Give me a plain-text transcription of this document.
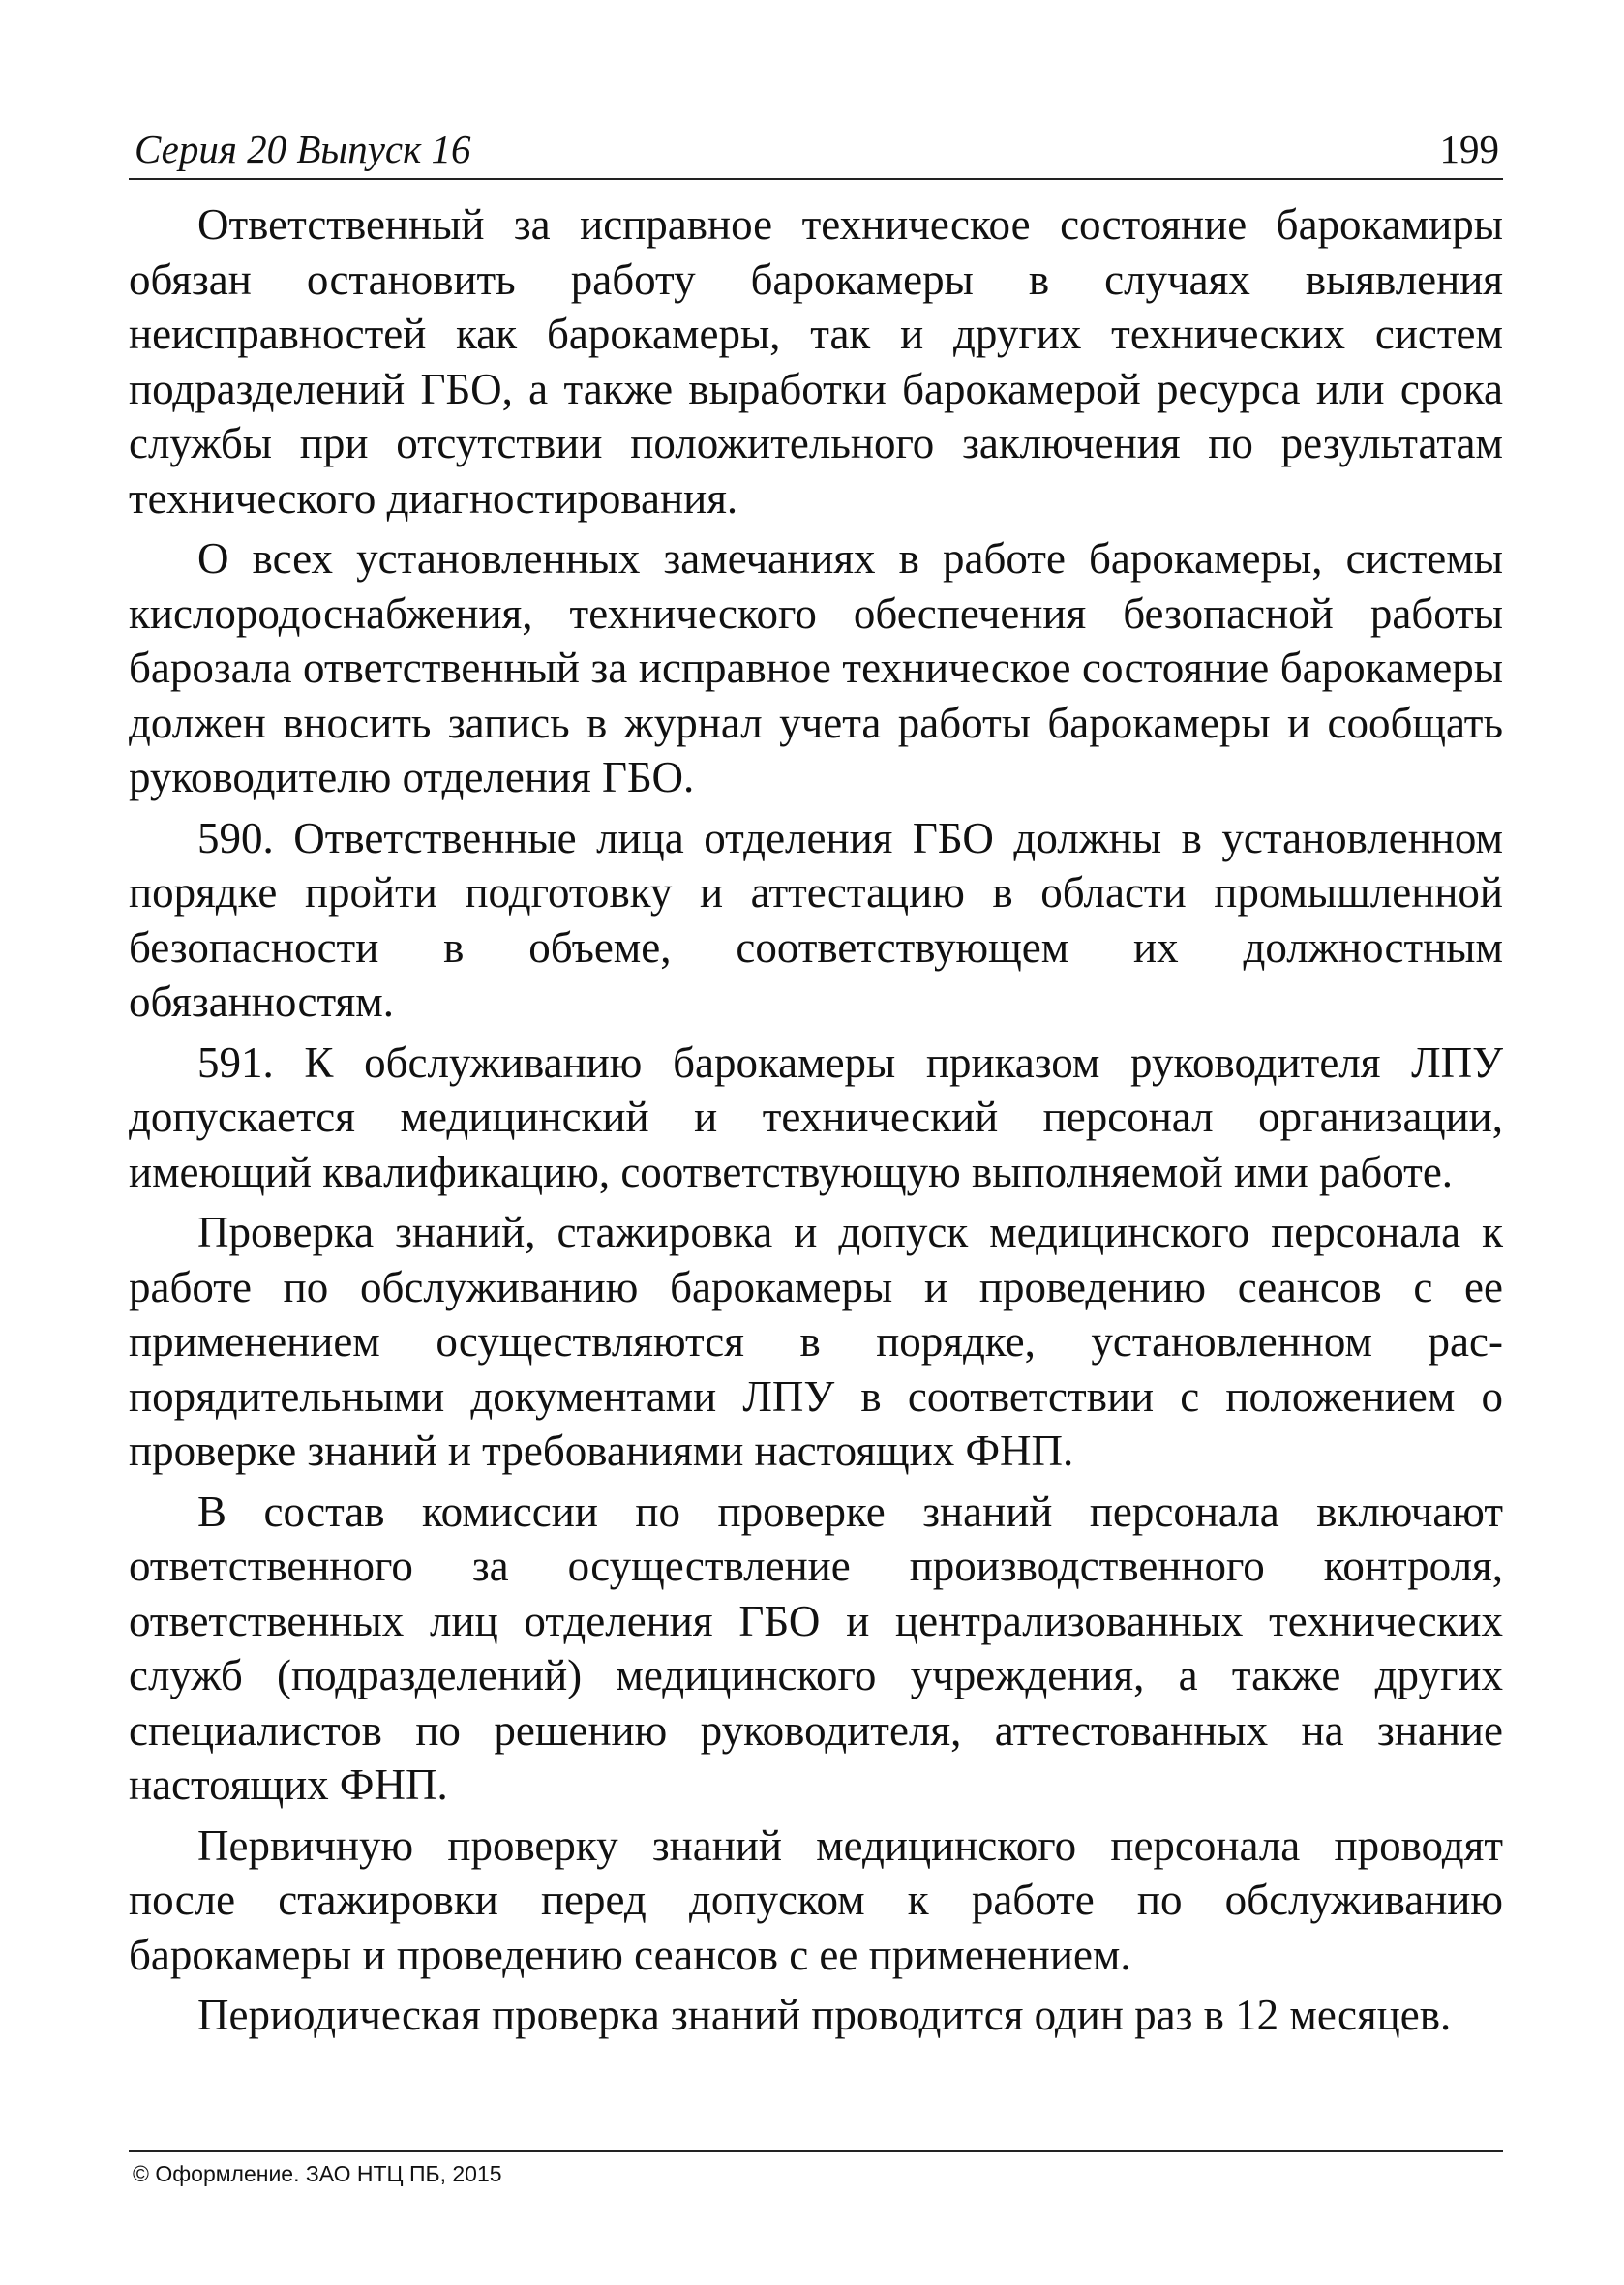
Серия 20 Выпуск 16	199

Ответственный за исправное техническое состояние барокамиры обязан остановить работу барокамеры в случаях выявления неисправностей как барокамеры, так и других технических систем подразделений ГБО, а также выработки барокамерой ресурса или срока службы при отсутствии положительного заключения по результатам технического диагностирования.

О всех установленных замечаниях в работе барокамеры, системы кислородоснабжения, технического обеспечения безопасной работы барозала ответственный за исправное техническое состояние барокамеры должен вносить запись в журнал учета работы барокамеры и сообщать руководителю отделения ГБО.

590. Ответственные лица отделения ГБО должны в установленном порядке пройти подготовку и аттестацию в области промышленной безопасности в объеме, соответствующем их должностным обязанностям.

591. К обслуживанию барокамеры приказом руководителя ЛПУ допускается медицинский и технический персонал организации, имеющий квалификацию, соответствующую выполняемой ими работе.

Проверка знаний, стажировка и допуск медицинского персонала к работе по обслуживанию барокамеры и проведению сеансов с ее применением осуществляются в порядке, установленном распорядительными документами ЛПУ в соответствии с положением о проверке знаний и требованиями настоящих ФНП.

В состав комиссии по проверке знаний персонала включают ответственного за осуществление производственного контроля, ответственных лиц отделения ГБО и централизованных технических служб (подразделений) медицинского учреждения, а также других специалистов по решению руководителя, аттестованных на знание настоящих ФНП.

Первичную проверку знаний медицинского персонала проводят после стажировки перед допуском к работе по обслуживанию барокамеры и проведению сеансов с ее применением.

Периодическая проверка знаний проводится один раз в 12 месяцев.

© Оформление. ЗАО НТЦ ПБ, 2015
